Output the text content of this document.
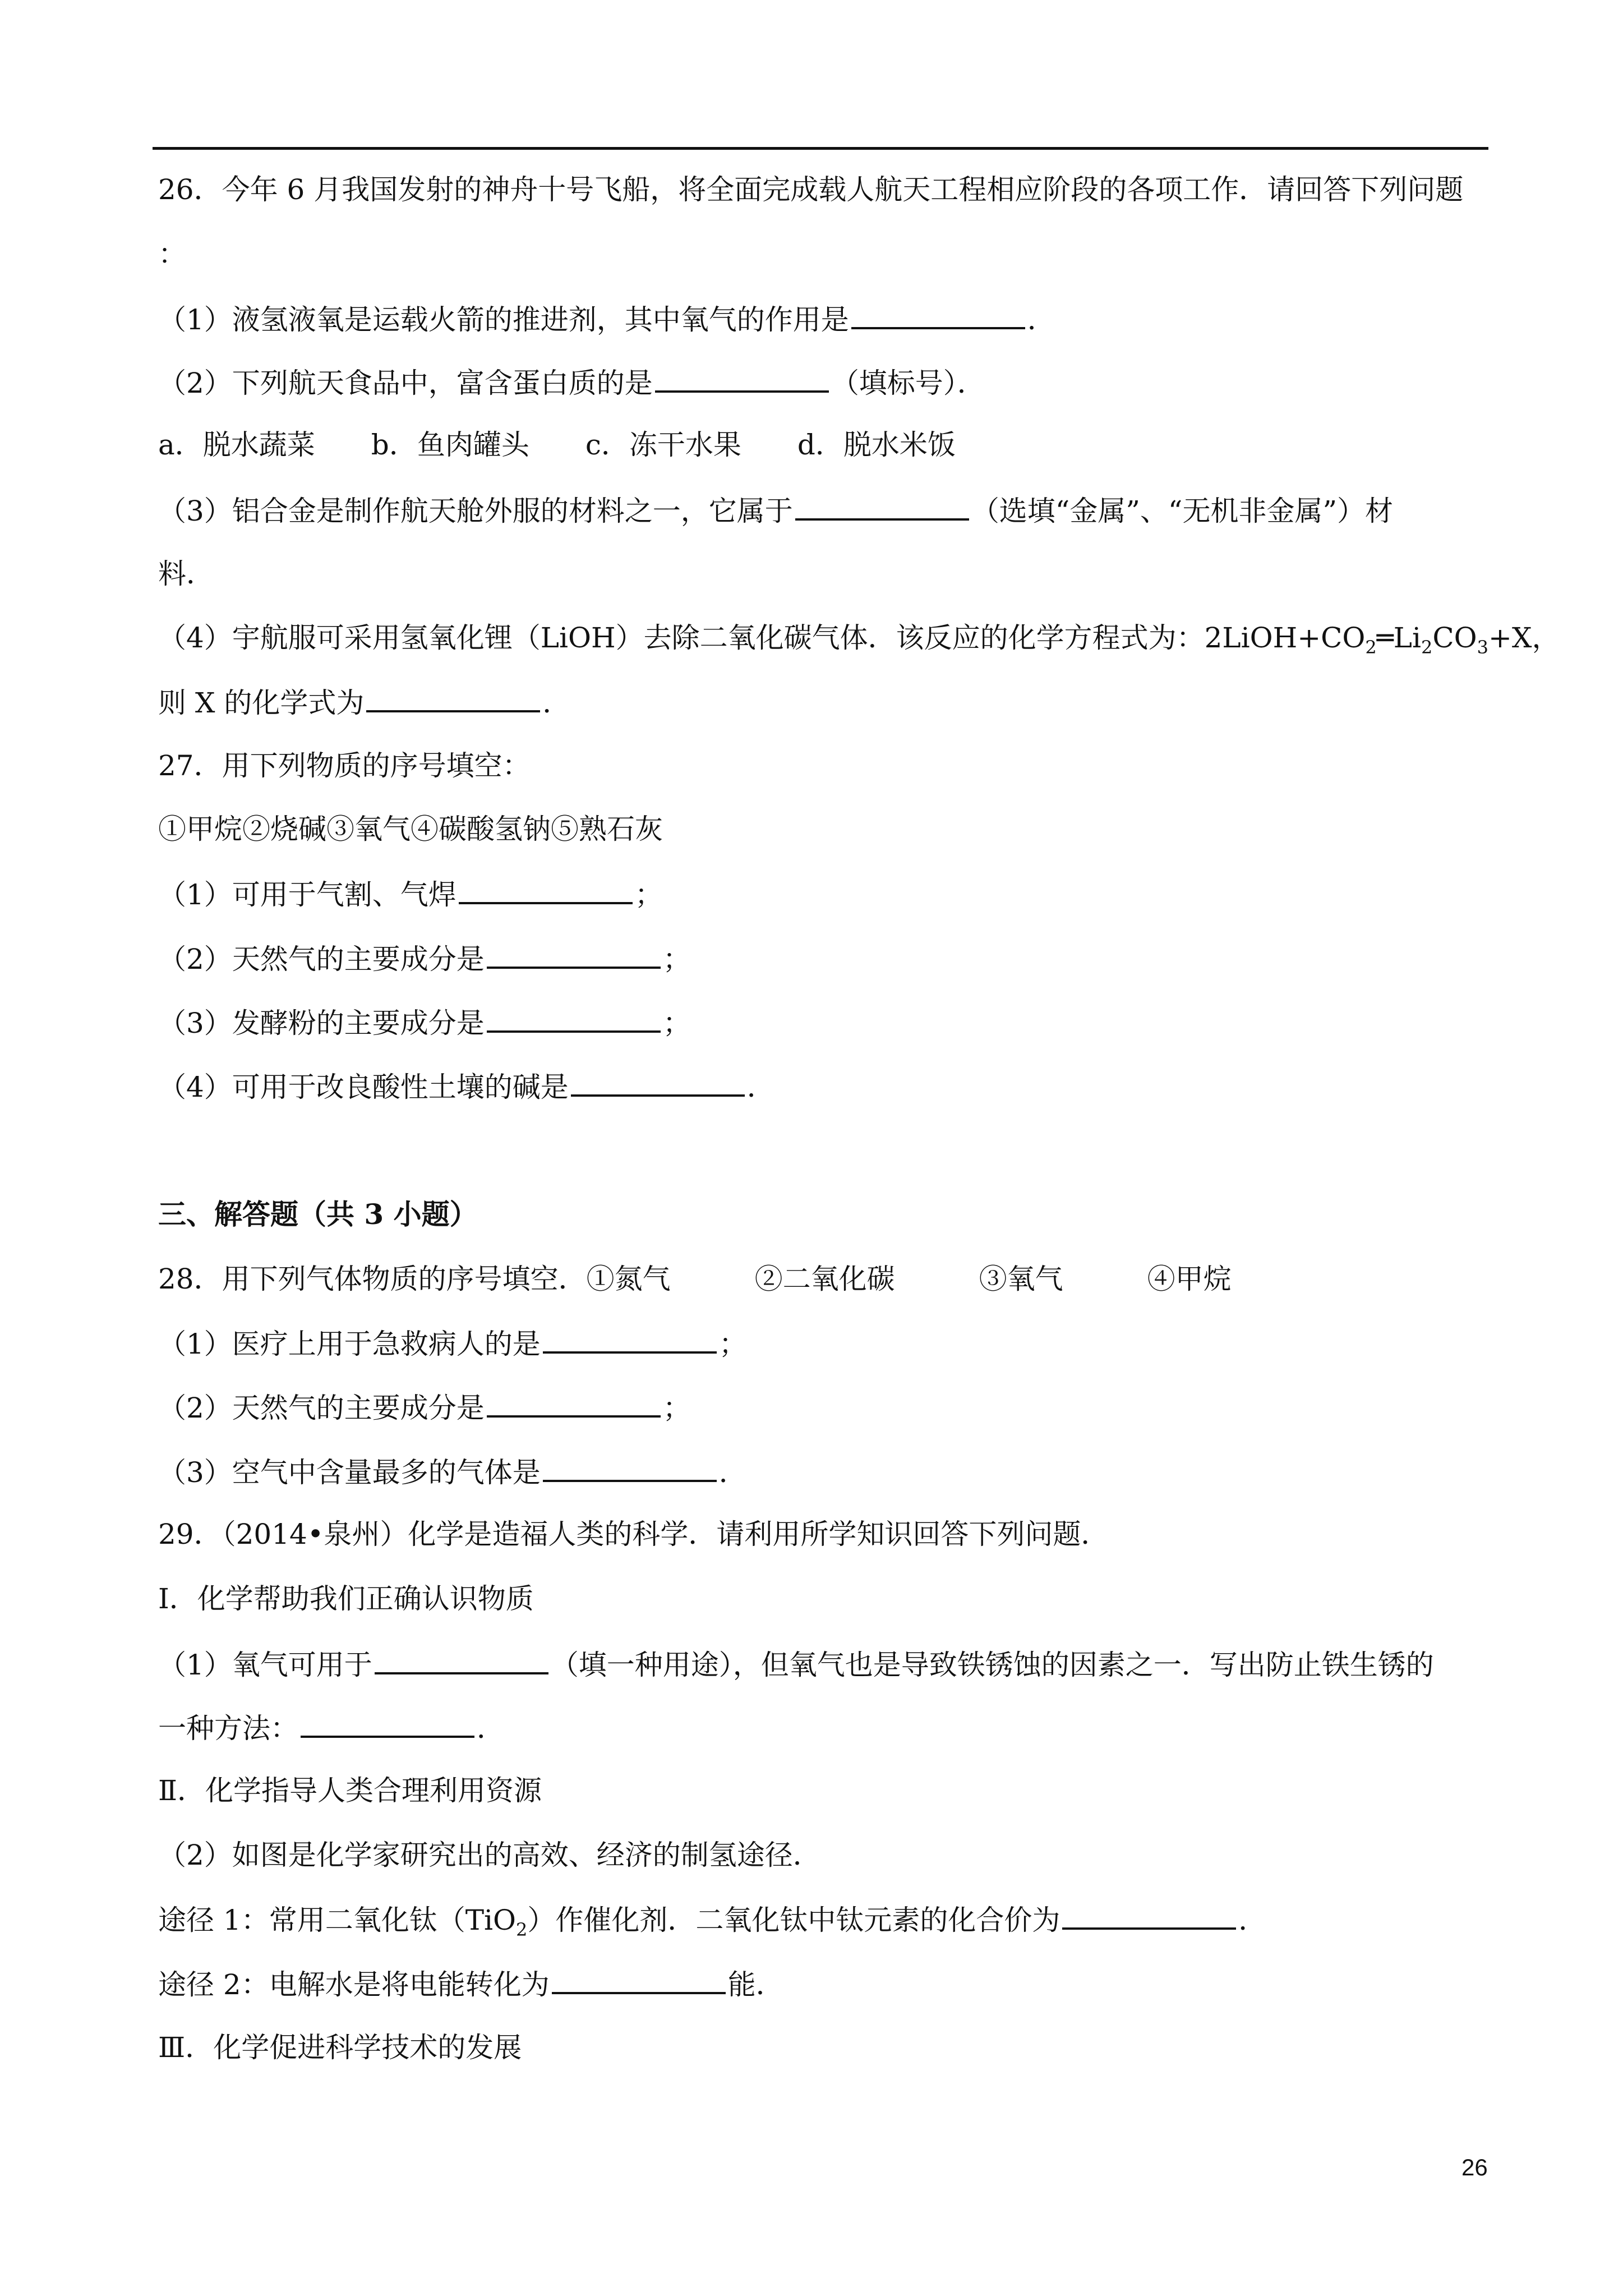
26．今年 6 月我国发射的神舟十号飞船，将全面完成载人航天工程相应阶段的各项工作．请回答下列问题
：
（1）液氢液氧是运载火箭的推进剂，其中氧气的作用是	．
（2）下列航天食品中，富含蛋白质的是	（填标号）．
a．脱水蔬菜　　b．鱼肉罐头　　c．冻干水果　　d．脱水米饭
（3）铝合金是制作航天舱外服的材料之一，它属于	（选填“金属”、“无机非金属”）材
料．
（4）宇航服可采用氢氧化锂（LiOH）去除二氧化碳气体．该反应的化学方程式为：$2LiOH+CO_2═Li_2CO_3+X$，
则 X 的化学式为	．
27．用下列物质的序号填空：
①甲烷②烧碱③氧气④碳酸氢钠⑤熟石灰
（1）可用于气割、气焊	；
（2）天然气的主要成分是	；
（3）发酵粉的主要成分是	；
（4）可用于改良酸性土壤的碱是	．
三、解答题（共 3 小题）
28．用下列气体物质的序号填空．①氮气　　　②二氧化碳　　　③氧气　　　④甲烷
（1）医疗上用于急救病人的是	；
（2）天然气的主要成分是	；
（3）空气中含量最多的气体是	．
29．（2014•泉州）化学是造福人类的科学．请利用所学知识回答下列问题．
I．化学帮助我们正确认识物质
（1）氧气可用于	（填一种用途），但氧气也是导致铁锈蚀的因素之一．写出防止铁生锈的
一种方法：	．
Ⅱ．化学指导人类合理利用资源
（2）如图是化学家研究出的高效、经济的制氢途径．
途径 1：常用二氧化钛（TiO$_2$）作催化剂．二氧化钛中钛元素的化合价为	．
途径 2：电解水是将电能转化为	能．
Ⅲ．化学促进科学技术的发展
26
